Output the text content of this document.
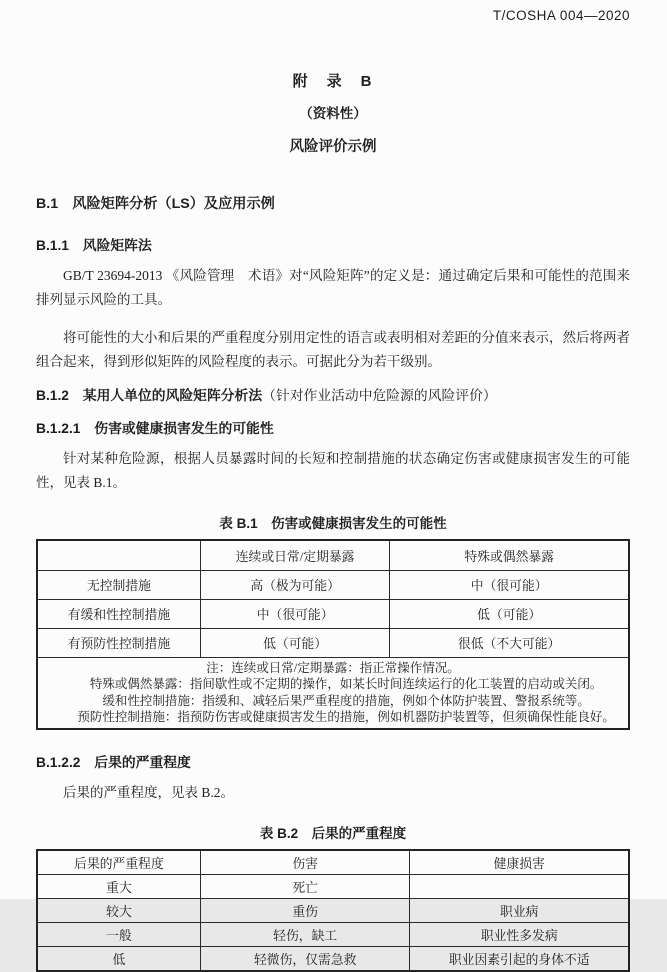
T/COSHA 004—2020
附　录　B
（资料性）
风险评价示例
B.1　风险矩阵分析（LS）及应用示例
B.1.1　风险矩阵法

GB/T 23694-2013 《风险管理　术语》对“风险矩阵”的定义是：通过确定后果和可能性的范围来排列显示风险的工具。

将可能性的大小和后果的严重程度分别用定性的语言或表明相对差距的分值来表示，然后将两者组合起来，得到形似矩阵的风险程度的表示。可据此分为若干级别。

B.1.2　某用人单位的风险矩阵分析法（针对作业活动中危险源的风险评价）
B.1.2.1　伤害或健康损害发生的可能性

针对某种危险源，根据人员暴露时间的长短和控制措施的状态确定伤害或健康损害发生的可能性，见表 B.1。

表 B.1　伤害或健康损害发生的可能性
	连续或日常/定期暴露	特殊或偶然暴露
无控制措施	高（极为可能）	中（很可能）
有缓和性控制措施	中（很可能）	低（可能）
有预防性控制措施	低（可能）	很低（不大可能）

注：连续或日常/定期暴露：指正常操作情况。
特殊或偶然暴露：指间歇性或不定期的操作，如某长时间连续运行的化工装置的启动或关闭。
缓和性控制措施：指缓和、减轻后果严重程度的措施，例如个体防护装置、警报系统等。
预防性控制措施：指预防伤害或健康损害发生的措施，例如机器防护装置等，但须确保性能良好。		
B.1.2.2　后果的严重程度

后果的严重程度，见表 B.2。

表 B.2　后果的严重程度
后果的严重程度	伤害	健康损害
重大	死亡	
较大	重伤	职业病
一般	轻伤，缺工	职业性多发病
低	轻微伤，仅需急救	职业因素引起的身体不适
